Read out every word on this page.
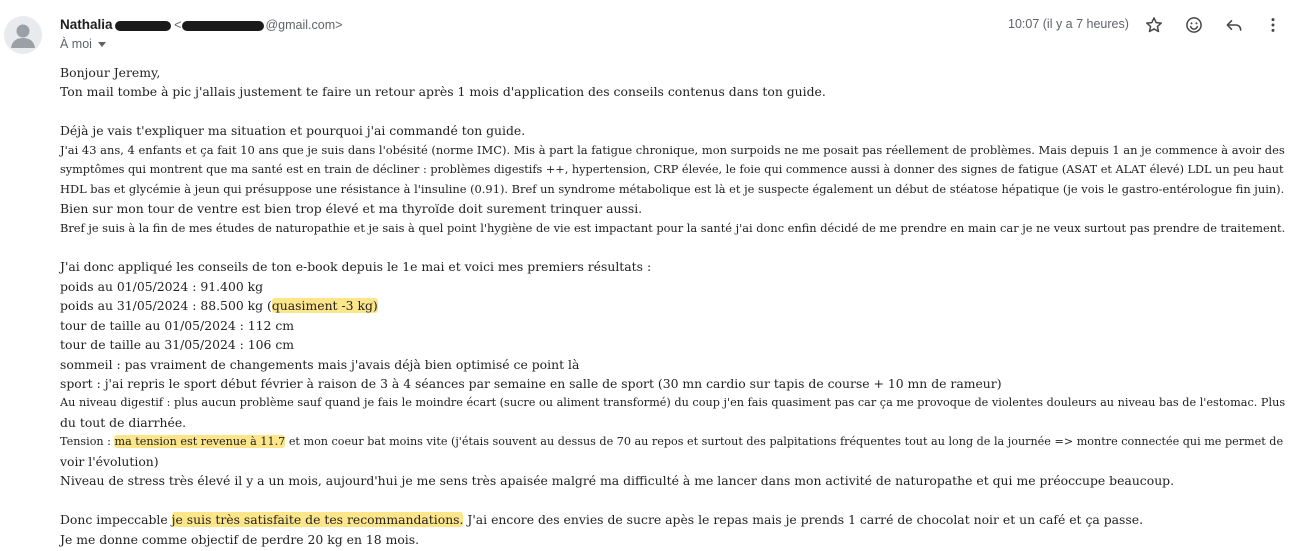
Nathalia	<	@gmail.com>
À moi
10:07 (il y a 7 heures)
Bonjour Jeremy,
Ton mail tombe à pic j'allais justement te faire un retour après 1 mois d'application des conseils contenus dans ton guide.
Déjà je vais t'expliquer ma situation et pourquoi j'ai commandé ton guide.
J'ai 43 ans, 4 enfants et ça fait 10 ans que je suis dans l'obésité (norme IMC). Mis à part la fatigue chronique, mon surpoids ne me posait pas réellement de problèmes. Mais depuis 1 an je commence à avoir des
symptômes qui montrent que ma santé est en train de décliner : problèmes digestifs ++, hypertension, CRP élevée, le foie qui commence aussi à donner des signes de fatigue (ASAT et ALAT élevé) LDL un peu haut
HDL bas et glycémie à jeun qui présuppose une résistance à l'insuline (0.91). Bref un syndrome métabolique est là et je suspecte également un début de stéatose hépatique (je vois le gastro-entérologue fin juin).
Bien sur mon tour de ventre est bien trop élevé et ma thyroïde doit surement trinquer aussi.
Bref je suis à la fin de mes études de naturopathie et je sais à quel point l'hygiène de vie est impactant pour la santé j'ai donc enfin décidé de me prendre en main car je ne veux surtout pas prendre de traitement.
J'ai donc appliqué les conseils de ton e-book depuis le 1e mai et voici mes premiers résultats :
poids au 01/05/2024 : 91.400 kg
poids au 31/05/2024 : 88.500 kg (quasiment -3 kg)
tour de taille au 01/05/2024 : 112 cm
tour de taille au 31/05/2024 : 106 cm
sommeil : pas vraiment de changements mais j'avais déjà bien optimisé ce point là
sport : j'ai repris le sport début février à raison de 3 à 4 séances par semaine en salle de sport (30 mn cardio sur tapis de course + 10 mn de rameur)
Au niveau digestif : plus aucun problème sauf quand je fais le moindre écart (sucre ou aliment transformé) du coup j'en fais quasiment pas car ça me provoque de violentes douleurs au niveau bas de l'estomac. Plus
du tout de diarrhée.
Tension : ma tension est revenue à 11.7 et mon coeur bat moins vite (j'étais souvent au dessus de 70 au repos et surtout des palpitations fréquentes tout au long de la journée => montre connectée qui me permet de
voir l'évolution)
Niveau de stress très élevé il y a un mois, aujourd'hui je me sens très apaisée malgré ma difficulté à me lancer dans mon activité de naturopathe et qui me préoccupe beaucoup.
Donc impeccable je suis très satisfaite de tes recommandations. J'ai encore des envies de sucre apès le repas mais je prends 1 carré de chocolat noir et un café et ça passe.
Je me donne comme objectif de perdre 20 kg en 18 mois.
